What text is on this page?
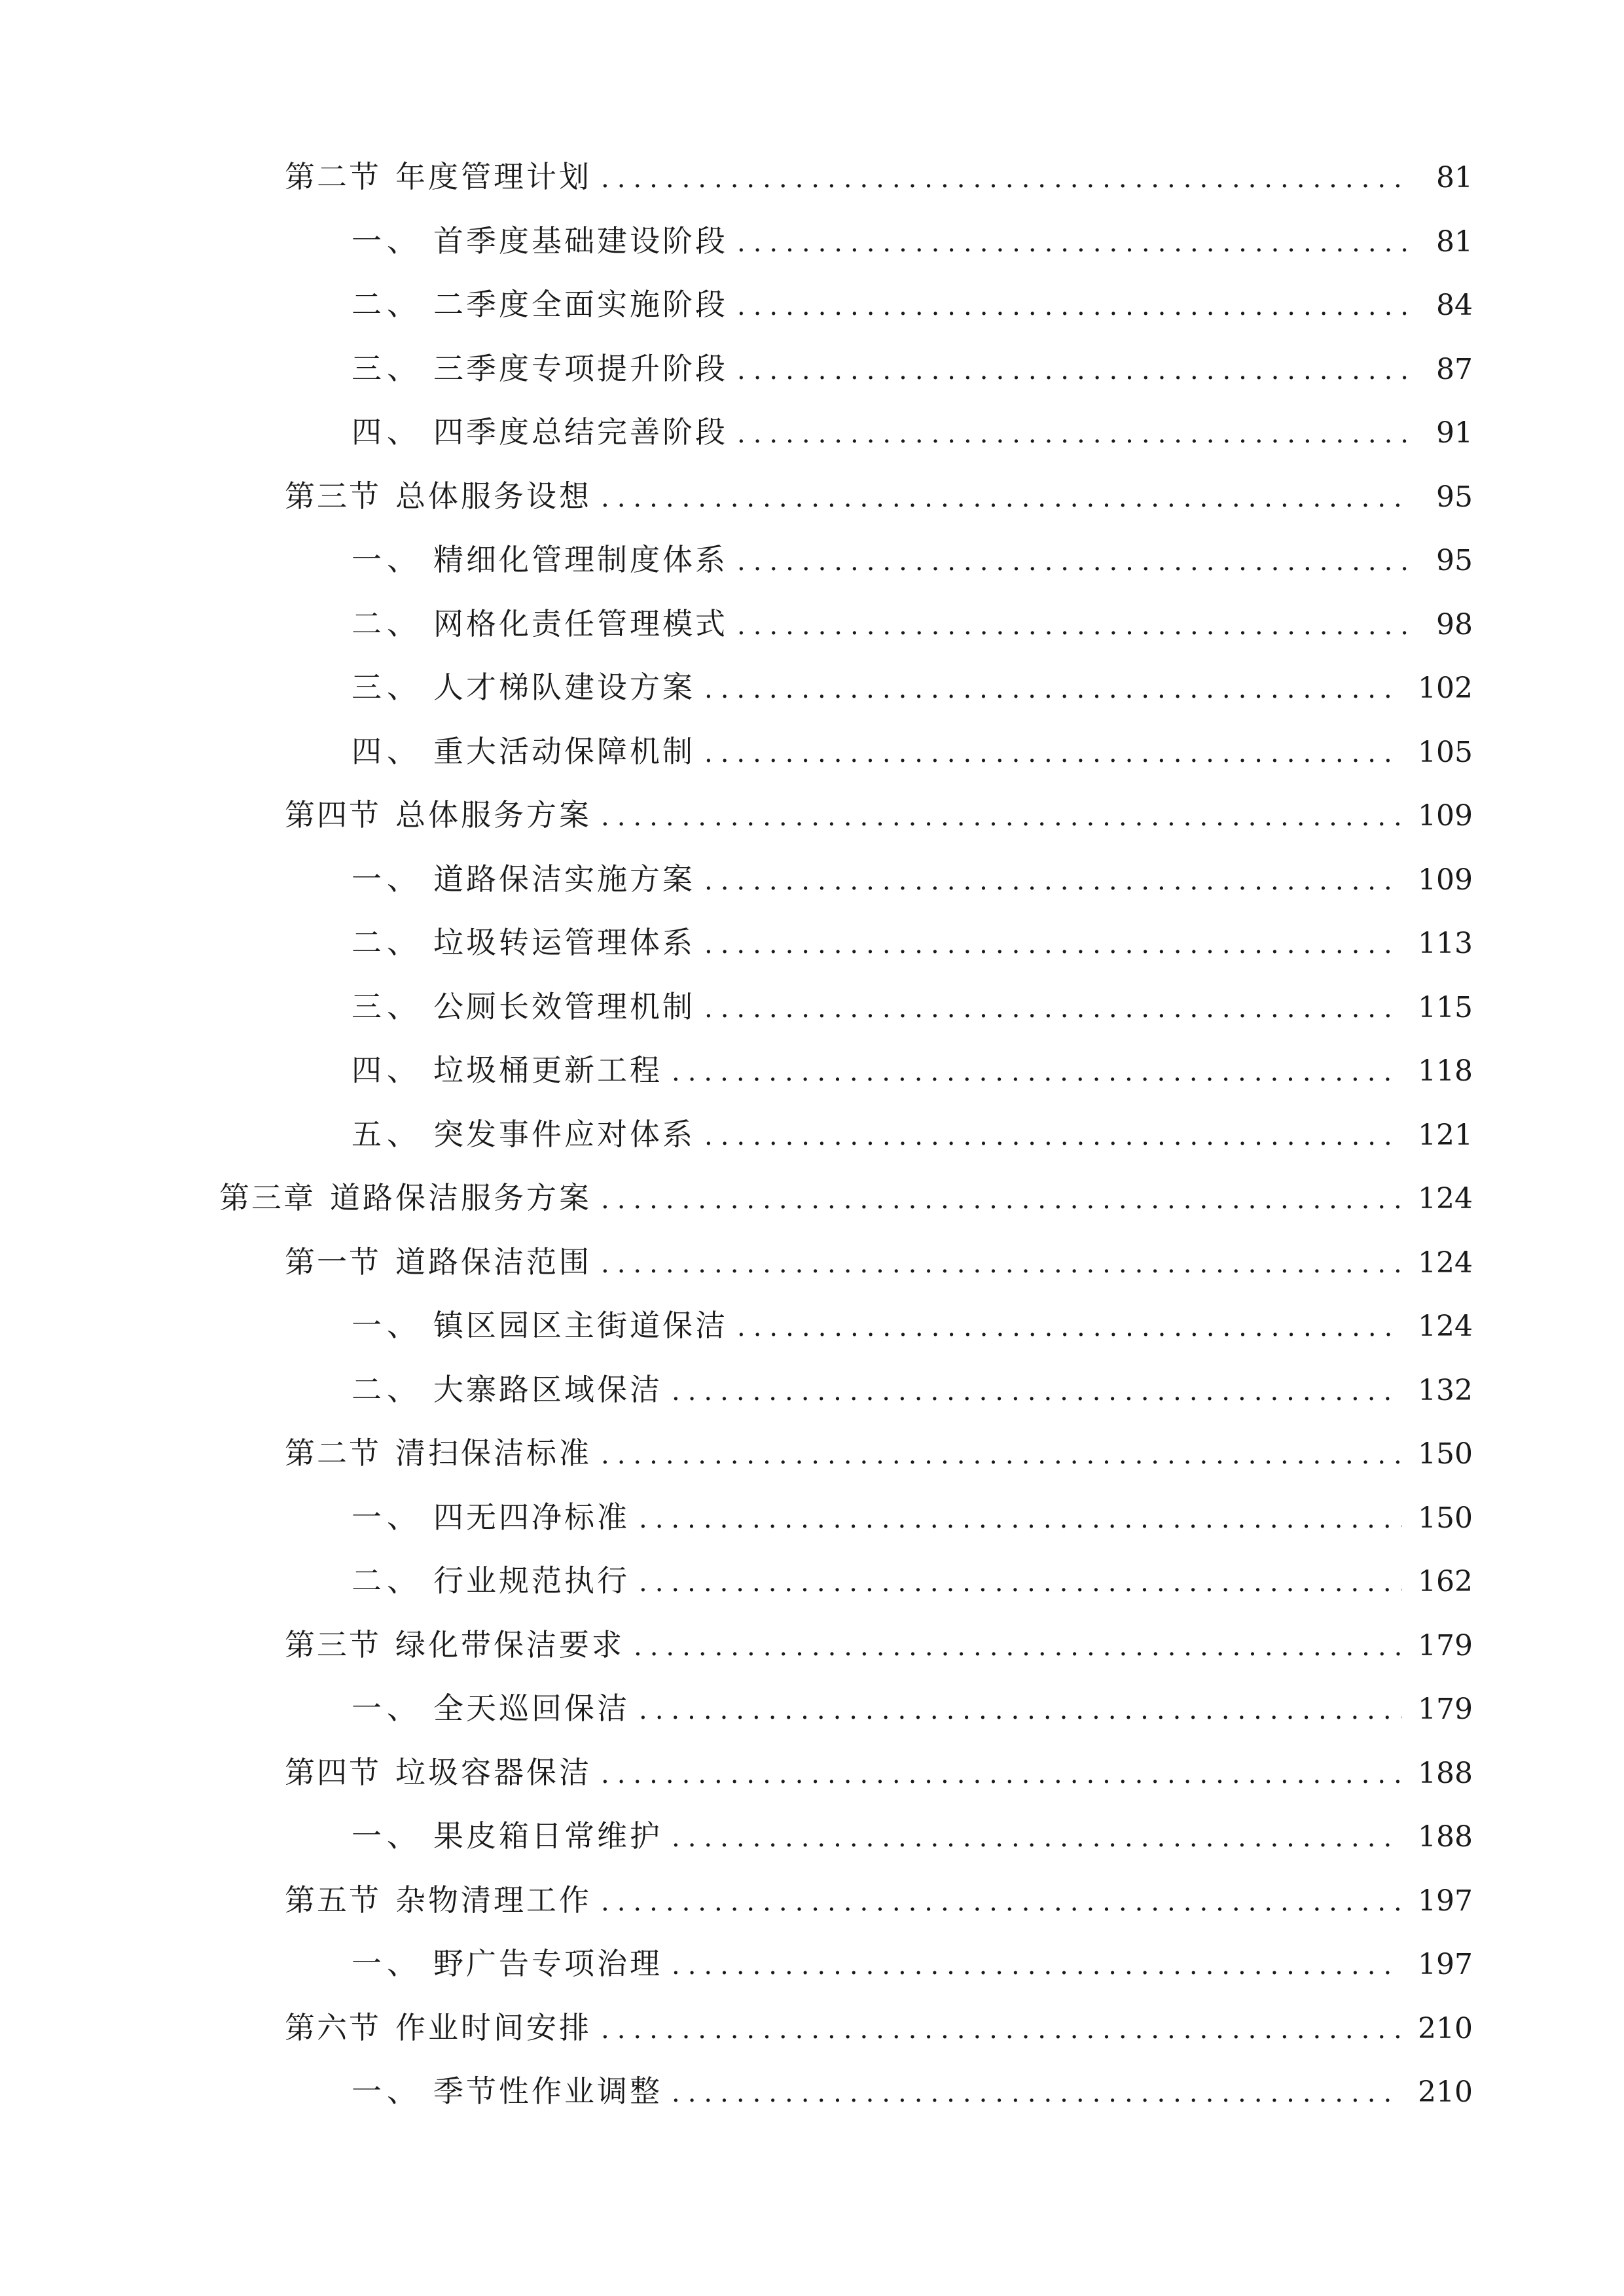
第二节 年度管理计划 .....	81
一、 首季度基础建设阶段 .....	81
二、 二季度全面实施阶段 .....	84
三、 三季度专项提升阶段 .....	87
四、 四季度总结完善阶段 .....	91
第三节 总体服务设想 .....	95
一、 精细化管理制度体系 .....	95
二、 网格化责任管理模式 .....	98
三、 人才梯队建设方案 .....	102
四、 重大活动保障机制 .....	105
第四节 总体服务方案 .....	109
一、 道路保洁实施方案 .....	109
二、 垃圾转运管理体系 .....	113
三、 公厕长效管理机制 .....	115
四、 垃圾桶更新工程 .....	118
五、 突发事件应对体系 .....	121
第三章 道路保洁服务方案 .....	124
第一节 道路保洁范围 .....	124
一、 镇区园区主街道保洁 .....	124
二、 大寨路区域保洁 .....	132
第二节 清扫保洁标准 .....	150
一、 四无四净标准 .....	150
二、 行业规范执行 .....	162
第三节 绿化带保洁要求 .....	179
一、 全天巡回保洁 .....	179
第四节 垃圾容器保洁 .....	188
一、 果皮箱日常维护 .....	188
第五节 杂物清理工作 .....	197
一、 野广告专项治理 .....	197
第六节 作业时间安排 .....	210
一、 季节性作业调整 .....	210
